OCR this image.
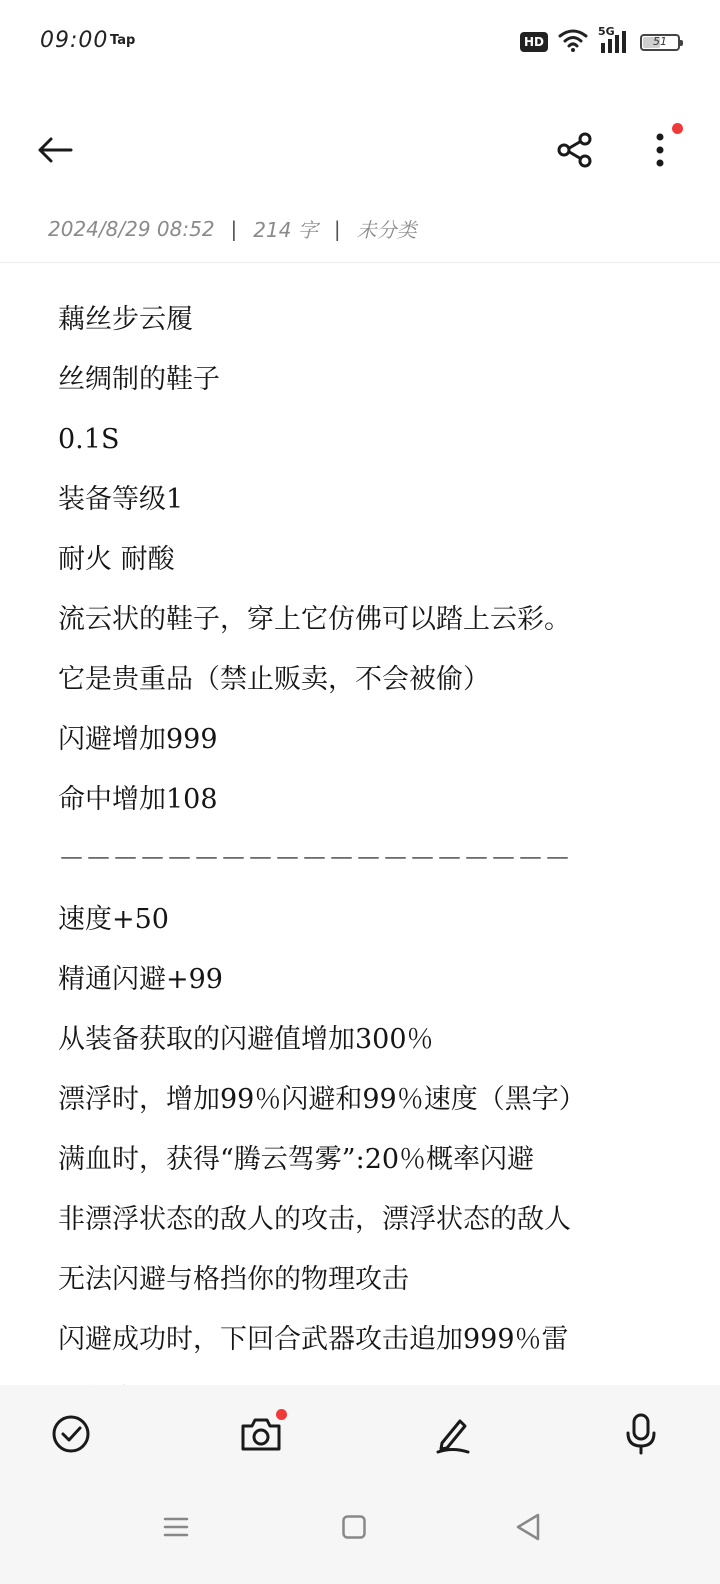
09:00 Tap	HD
5G
51
2024/8/29 08:52 | 214 字 | 未分类
藕丝步云履
丝绸制的鞋子
0.1S
装备等级1
耐火 耐酸
流云状的鞋子，穿上它仿佛可以踏上云彩。
它是贵重品（禁止贩卖，不会被偷）
闪避增加999
命中增加108
－－－－－－－－－－－－－－－－－－－
速度+50
精通闪避+99
从装备获取的闪避值增加300％
漂浮时，增加99％闪避和99％速度（黑字）
满血时，获得“腾云驾雾”:20％概率闪避
非漂浮状态的敌人的攻击，漂浮状态的敌人
无法闪避与格挡你的物理攻击
闪避成功时，下回合武器攻击追加999％雷
